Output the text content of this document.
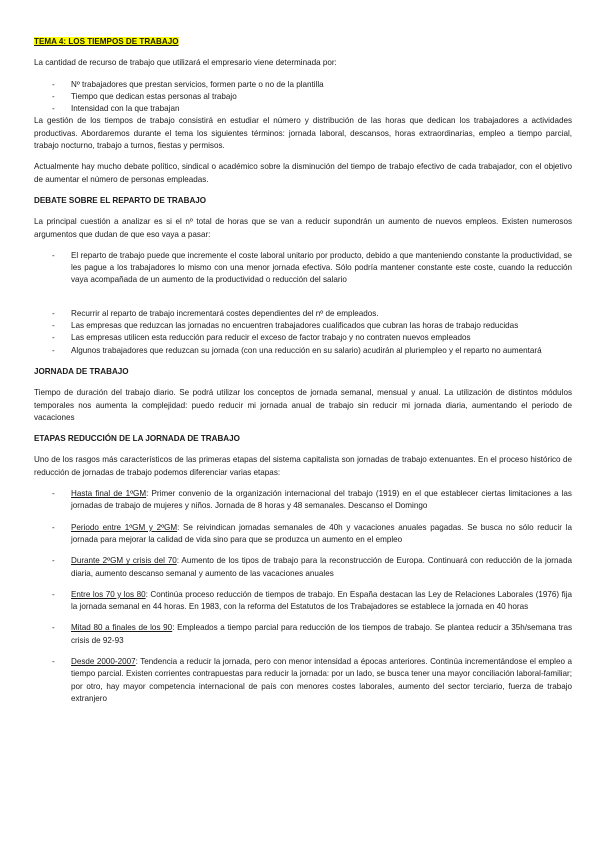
TEMA 4: LOS TIEMPOS DE TRABAJO

La cantidad de recurso de trabajo que utilizará el empresario viene determinada por:

- Nº trabajadores que prestan servicios, formen parte o no de la plantilla
- Tiempo que dedican estas personas al trabajo
- Intensidad con la que trabajan

La gestión de los tiempos de trabajo consistirá en estudiar el número y distribución de las horas que dedican los trabajadores a actividades productivas. Abordaremos durante el tema los siguientes términos: jornada laboral, descansos, horas extraordinarias, empleo a tiempo parcial, trabajo nocturno, trabajo a turnos, fiestas y permisos.

Actualmente hay mucho debate político, sindical o académico sobre la disminución del tiempo de trabajo efectivo de cada trabajador, con el objetivo de aumentar el número de personas empleadas.

DEBATE SOBRE EL REPARTO DE TRABAJO

La principal cuestión a analizar es si el nº total de horas que se van a reducir supondrán un aumento de nuevos empleos. Existen numerosos argumentos que dudan de que eso vaya a pasar:

- El reparto de trabajo puede que incremente el coste laboral unitario por producto, debido a que manteniendo constante la productividad, se les pague a los trabajadores lo mismo con una menor jornada efectiva. Sólo podría mantener constante este coste, cuando la reducción vaya acompañada de un aumento de la productividad o reducción del salario
- Recurrir al reparto de trabajo incrementará costes dependientes del nº de empleados.
- Las empresas que reduzcan las jornadas no encuentren trabajadores cualificados que cubran las horas de trabajo reducidas
- Las empresas utilicen esta reducción para reducir el exceso de factor trabajo y no contraten nuevos empleados
- Algunos trabajadores que reduzcan su jornada (con una reducción en su salario) acudirán al pluriempleo y el reparto no aumentará

JORNADA DE TRABAJO

Tiempo de duración del trabajo diario. Se podrá utilizar los conceptos de jornada semanal, mensual y anual. La utilización de distintos módulos temporales nos aumenta la complejidad: puedo reducir mi jornada anual de trabajo sin reducir mi jornada diaria, aumentando el periodo de vacaciones

ETAPAS REDUCCIÓN DE LA JORNADA DE TRABAJO

Uno de los rasgos más característicos de las primeras etapas del sistema capitalista son jornadas de trabajo extenuantes. En el proceso histórico de reducción de jornadas de trabajo podemos diferenciar varias etapas:

- Hasta final de 1ºGM: Primer convenio de la organización internacional del trabajo (1919) en el que establecer ciertas limitaciones a las jornadas de trabajo de mujeres y niños. Jornada de 8 horas y 48 semanales. Descanso el Domingo
- Periodo entre 1ºGM y 2ºGM: Se reivindican jornadas semanales de 40h y vacaciones anuales pagadas. Se busca no sólo reducir la jornada para mejorar la calidad de vida sino para que se produzca un aumento en el empleo
- Durante 2ºGM y crisis del 70: Aumento de los tipos de trabajo para la reconstrucción de Europa. Continuará con reducción de la jornada diaria, aumento descanso semanal y aumento de las vacaciones anuales
- Entre los 70 y los 80: Continúa proceso reducción de tiempos de trabajo. En España destacan las Ley de Relaciones Laborales (1976) fija la jornada semanal en 44 horas. En 1983, con la reforma del Estatutos de los Trabajadores se establece la jornada en 40 horas
- Mitad 80 a finales de los 90: Empleados a tiempo parcial para reducción de los tiempos de trabajo. Se plantea reducir a 35h/semana tras crisis de 92-93
- Desde 2000-2007: Tendencia a reducir la jornada, pero con menor intensidad a épocas anteriores. Continúa incrementándose el empleo a tiempo parcial. Existen corrientes contrapuestas para reducir la jornada: por un lado, se busca tener una mayor conciliación laboral-familiar; por otro, hay mayor competencia internacional de país con menores costes laborales, aumento del sector terciario, fuerza de trabajo extranjero
